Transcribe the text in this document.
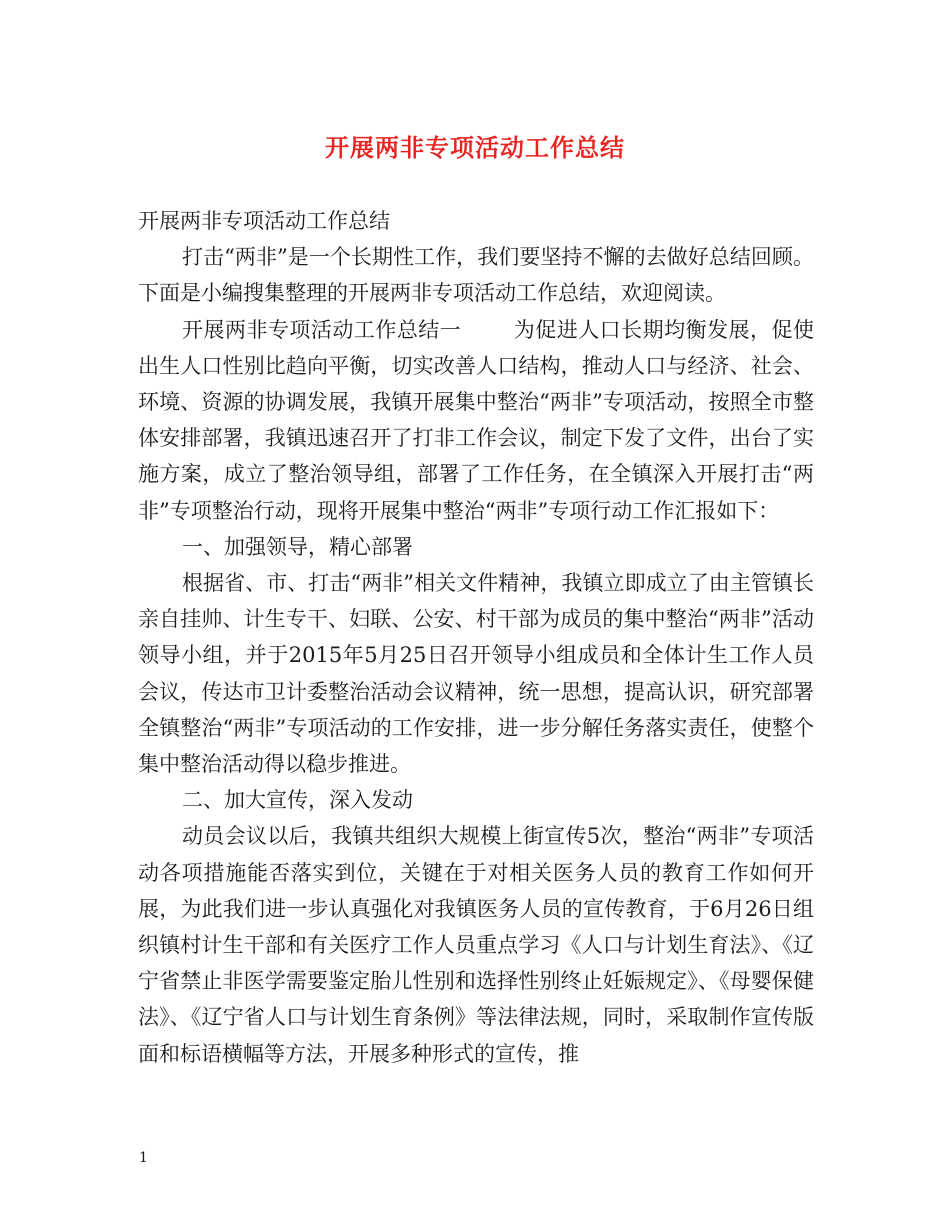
开展两非专项活动工作总结

开展两非专项活动工作总结

打击“两非”是一个长期性工作，我们要坚持不懈的去做好总结回顾。下面是小编搜集整理的开展两非专项活动工作总结，欢迎阅读。

开展两非专项活动工作总结一 为促进人口长期均衡发展，促使出生人口性别比趋向平衡，切实改善人口结构，推动人口与经济、社会、环境、资源的协调发展，我镇开展集中整治“两非”专项活动，按照全市整体安排部署，我镇迅速召开了打非工作会议，制定下发了文件，出台了实施方案，成立了整治领导组，部署了工作任务，在全镇深入开展打击“两非”专项整治行动，现将开展集中整治“两非”专项行动工作汇报如下：

一、加强领导，精心部署

根据省、市、打击“两非”相关文件精神，我镇立即成立了由主管镇长亲自挂帅、计生专干、妇联、公安、村干部为成员的集中整治“两非”活动领导小组，并于2015年5月25日召开领导小组成员和全体计生工作人员会议，传达市卫计委整治活动会议精神，统一思想，提高认识，研究部署全镇整治“两非”专项活动的工作安排，进一步分解任务落实责任，使整个集中整治活动得以稳步推进。

二、加大宣传，深入发动

动员会议以后，我镇共组织大规模上街宣传5次，整治“两非”专项活动各项措施能否落实到位，关键在于对相关医务人员的教育工作如何开展，为此我们进一步认真强化对我镇医务人员的宣传教育，于6月26日组织镇村计生干部和有关医疗工作人员重点学习《人口与计划生育法》、《辽宁省禁止非医学需要鉴定胎儿性别和选择性别终止妊娠规定》、《母婴保健法》、《辽宁省人口与计划生育条例》等法律法规，同时，采取制作宣传版面和标语横幅等方法，开展多种形式的宣传，推

1
